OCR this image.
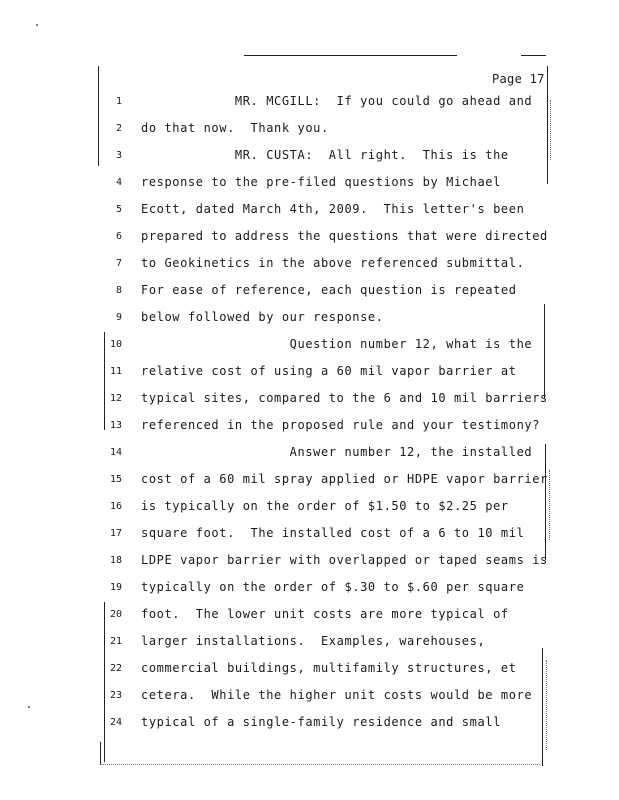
Page 17
1 MR. MCGILL:  If you could go ahead and
2 do that now.  Thank you.
3 MR. CUSTA:  All right.  This is the
4 response to the pre-filed questions by Michael
5 Ecott, dated March 4th, 2009.  This letter's been
6 prepared to address the questions that were directed
7 to Geokinetics in the above referenced submittal.
8 For ease of reference, each question is repeated
9 below followed by our response.
10 Question number 12, what is the
11 relative cost of using a 60 mil vapor barrier at
12 typical sites, compared to the 6 and 10 mil barriers
13 referenced in the proposed rule and your testimony?
14 Answer number 12, the installed
15 cost of a 60 mil spray applied or HDPE vapor barrier
16 is typically on the order of $1.50 to $2.25 per
17 square foot.  The installed cost of a 6 to 10 mil
18 LDPE vapor barrier with overlapped or taped seams is
19 typically on the order of $.30 to $.60 per square
20 foot.  The lower unit costs are more typical of
21 larger installations.  Examples, warehouses,
22 commercial buildings, multifamily structures, et
23 cetera.  While the higher unit costs would be more
24 typical of a single-family residence and small
